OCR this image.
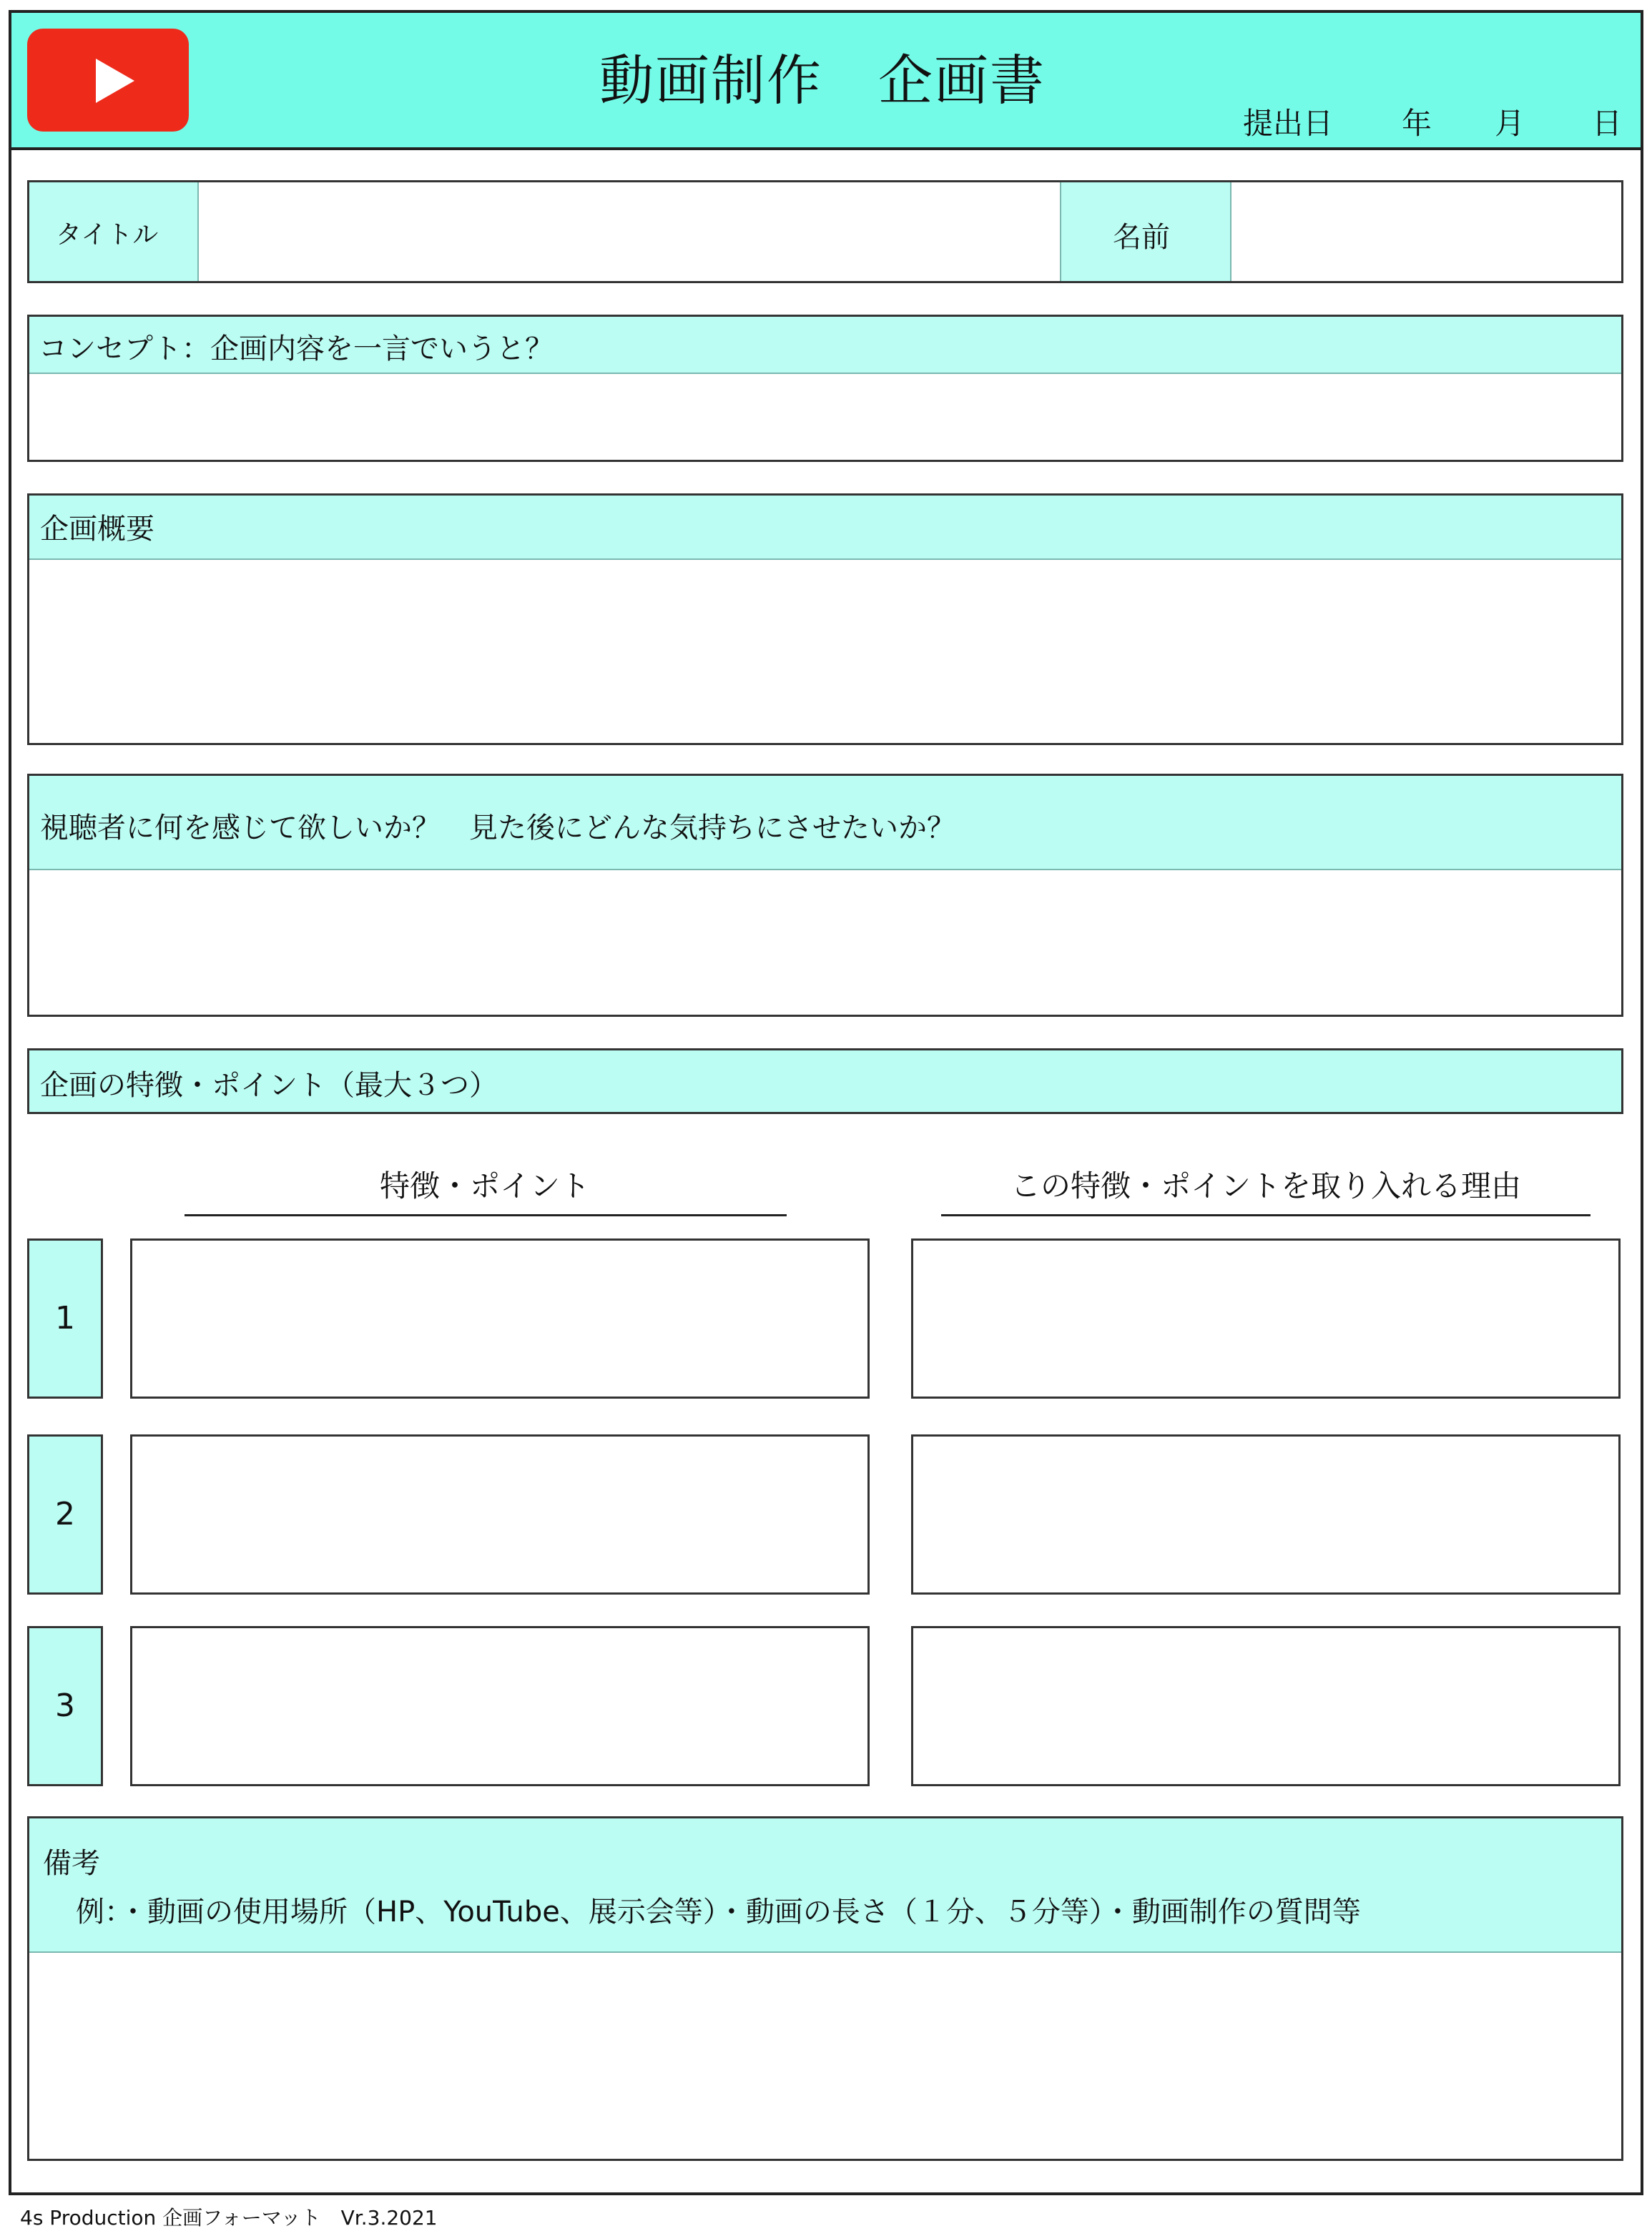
動画制作　企画書
提出日 年 月 日
タイトル	名前
コンセプト：企画内容を一言でいうと？
企画概要
視聴者に何を感じて欲しいか？　見た後にどんな気持ちにさせたいか？
企画の特徴・ポイント（最大３つ）
特徴・ポイント	この特徴・ポイントを取り入れる理由
1
2
3
備考
例：・動画の使用場所（HP、YouTube、展示会等）・動画の長さ（１分、５分等）・動画制作の質問等
4s Production 企画フォーマット　Vr.3.2021
